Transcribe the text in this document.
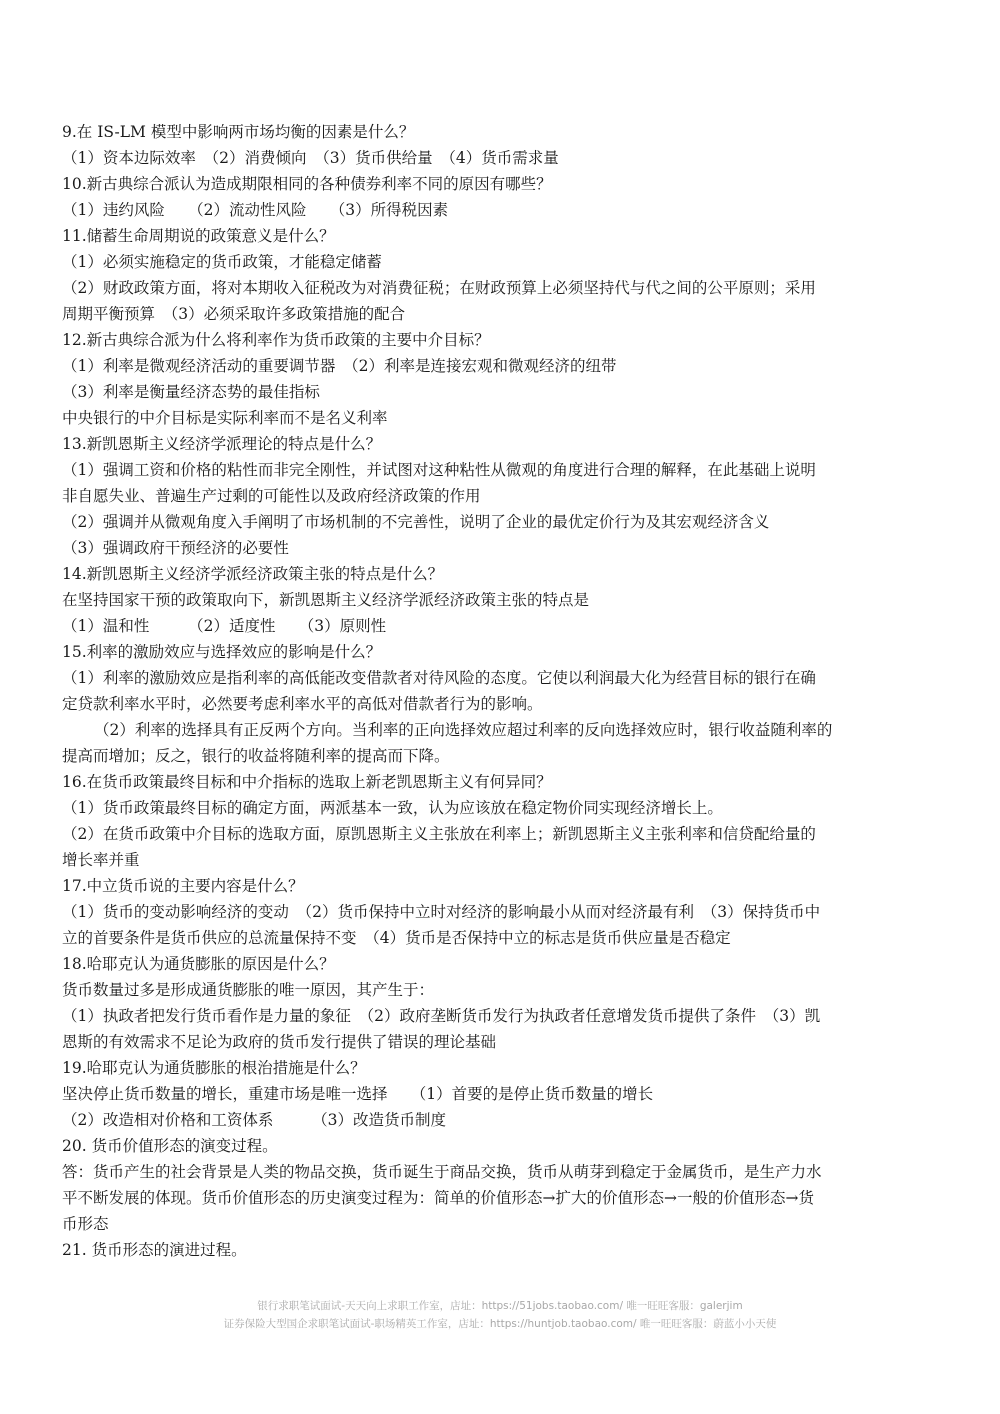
9.在 IS-LM 模型中影响两市场均衡的因素是什么？
（1）资本边际效率　（2）消费倾向　（3）货币供给量　（4）货币需求量
10.新古典综合派认为造成期限相同的各种债券利率不同的原因有哪些？
（1）违约风险　　（2）流动性风险　　（3）所得税因素
11.储蓄生命周期说的政策意义是什么？
（1）必须实施稳定的货币政策，才能稳定储蓄
（2）财政政策方面，将对本期收入征税改为对消费征税；在财政预算上必须坚持代与代之间的公平原则；采用
周期平衡预算　（3）必须采取许多政策措施的配合
12.新古典综合派为什么将利率作为货币政策的主要中介目标？
（1）利率是微观经济活动的重要调节器　（2）利率是连接宏观和微观经济的纽带
（3）利率是衡量经济态势的最佳指标
中央银行的中介目标是实际利率而不是名义利率
13.新凯恩斯主义经济学派理论的特点是什么？
（1）强调工资和价格的粘性而非完全刚性，并试图对这种粘性从微观的角度进行合理的解释，在此基础上说明
非自愿失业、普遍生产过剩的可能性以及政府经济政策的作用
（2）强调并从微观角度入手阐明了市场机制的不完善性，说明了企业的最优定价行为及其宏观经济含义
（3）强调政府干预经济的必要性
14.新凯恩斯主义经济学派经济政策主张的特点是什么？
在坚持国家干预的政策取向下，新凯恩斯主义经济学派经济政策主张的特点是
（1）温和性　　　（2）适度性　　（3）原则性
15.利率的激励效应与选择效应的影响是什么？
（1）利率的激励效应是指利率的高低能改变借款者对待风险的态度。它使以利润最大化为经营目标的银行在确
定贷款利率水平时，必然要考虑利率水平的高低对借款者行为的影响。
（2）利率的选择具有正反两个方向。当利率的正向选择效应超过利率的反向选择效应时，银行收益随利率的
提高而增加；反之，银行的收益将随利率的提高而下降。
16.在货币政策最终目标和中介指标的选取上新老凯恩斯主义有何异同？
（1）货币政策最终目标的确定方面，两派基本一致，认为应该放在稳定物价同实现经济增长上。
（2）在货币政策中介目标的选取方面，原凯恩斯主义主张放在利率上；新凯恩斯主义主张利率和信贷配给量的
增长率并重
17.中立货币说的主要内容是什么？
（1）货币的变动影响经济的变动　（2）货币保持中立时对经济的影响最小从而对经济最有利　（3）保持货币中
立的首要条件是货币供应的总流量保持不变　（4）货币是否保持中立的标志是货币供应量是否稳定
18.哈耶克认为通货膨胀的原因是什么？
货币数量过多是形成通货膨胀的唯一原因，其产生于：
（1）执政者把发行货币看作是力量的象征　（2）政府垄断货币发行为执政者任意增发货币提供了条件　（3）凯
恩斯的有效需求不足论为政府的货币发行提供了错误的理论基础
19.哈耶克认为通货膨胀的根治措施是什么？
坚决停止货币数量的增长，重建市场是唯一选择　　（1）首要的是停止货币数量的增长
（2）改造相对价格和工资体系　　　（3）改造货币制度
20. 货币价值形态的演变过程。
答：货币产生的社会背景是人类的物品交换，货币诞生于商品交换，货币从萌芽到稳定于金属货币，是生产力水
平不断发展的体现。货币价值形态的历史演变过程为：简单的价值形态→扩大的价值形态→一般的价值形态→货
币形态
21. 货币形态的演进过程。
银行求职笔试面试-天天向上求职工作室，店址：https://51jobs.taobao.com/ 唯一旺旺客服：galerjim
证券保险大型国企求职笔试面试-职场精英工作室，店址：https://huntjob.taobao.com/ 唯一旺旺客服：蔚蓝小小天使
